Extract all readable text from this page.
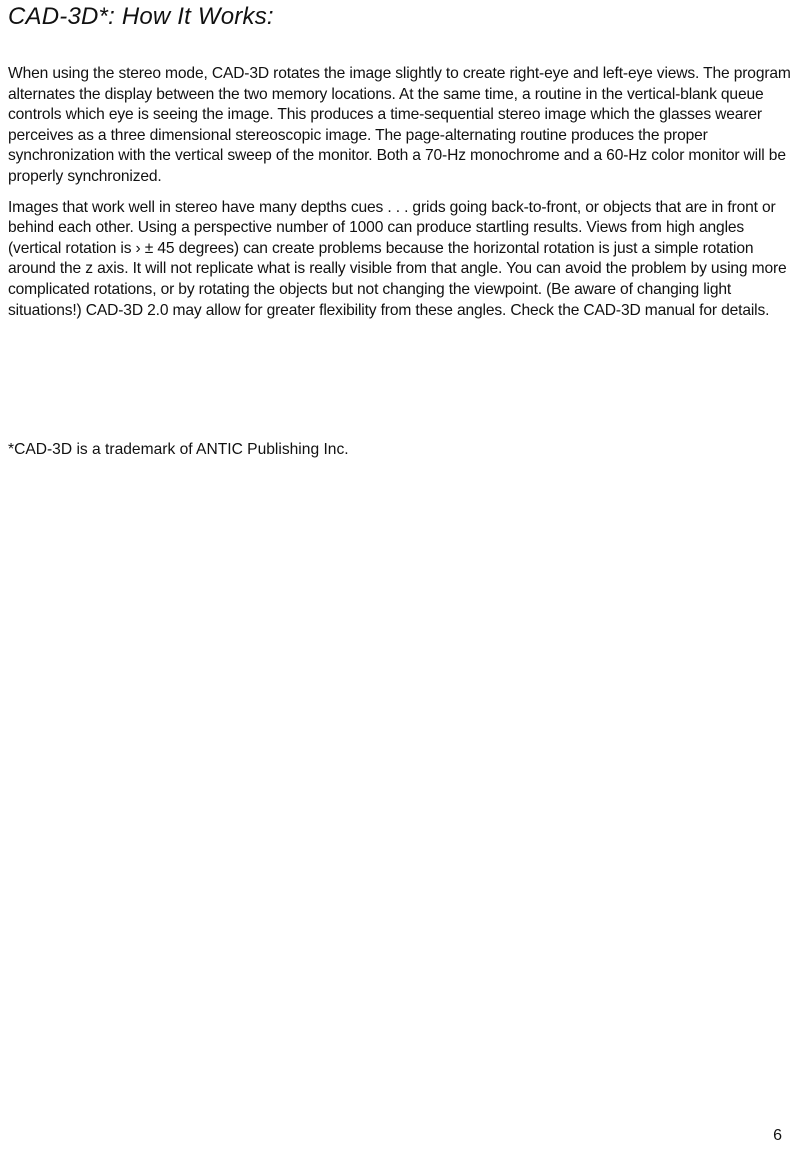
CAD-3D*: How It Works:

When using the stereo mode, CAD-3D rotates the image slightly to create right-eye and left-eye views. The program alternates the display between the two memory locations. At the same time, a routine in the vertical-blank queue controls which eye is seeing the image. This produces a time-sequential stereo image which the glasses wearer perceives as a three dimensional stereoscopic image. The page-alternating routine produces the proper synchronization with the vertical sweep of the monitor. Both a 70-Hz monochrome and a 60-Hz color monitor will be properly synchronized.

Images that work well in stereo have many depths cues . . . grids going back-to-front, or objects that are in front or behind each other. Using a perspective number of 1000 can produce startling results. Views from high angles (vertical rotation is › ± 45 degrees) can create problems because the horizontal rotation is just a simple rotation around the z axis. It will not replicate what is really visible from that angle. You can avoid the problem by using more complicated rotations, or by rotating the objects but not changing the viewpoint. (Be aware of changing light situations!) CAD-3D 2.0 may allow for greater flexibility from these angles. Check the CAD-3D manual for details.

*CAD-3D is a trademark of ANTIC Publishing Inc.

6
